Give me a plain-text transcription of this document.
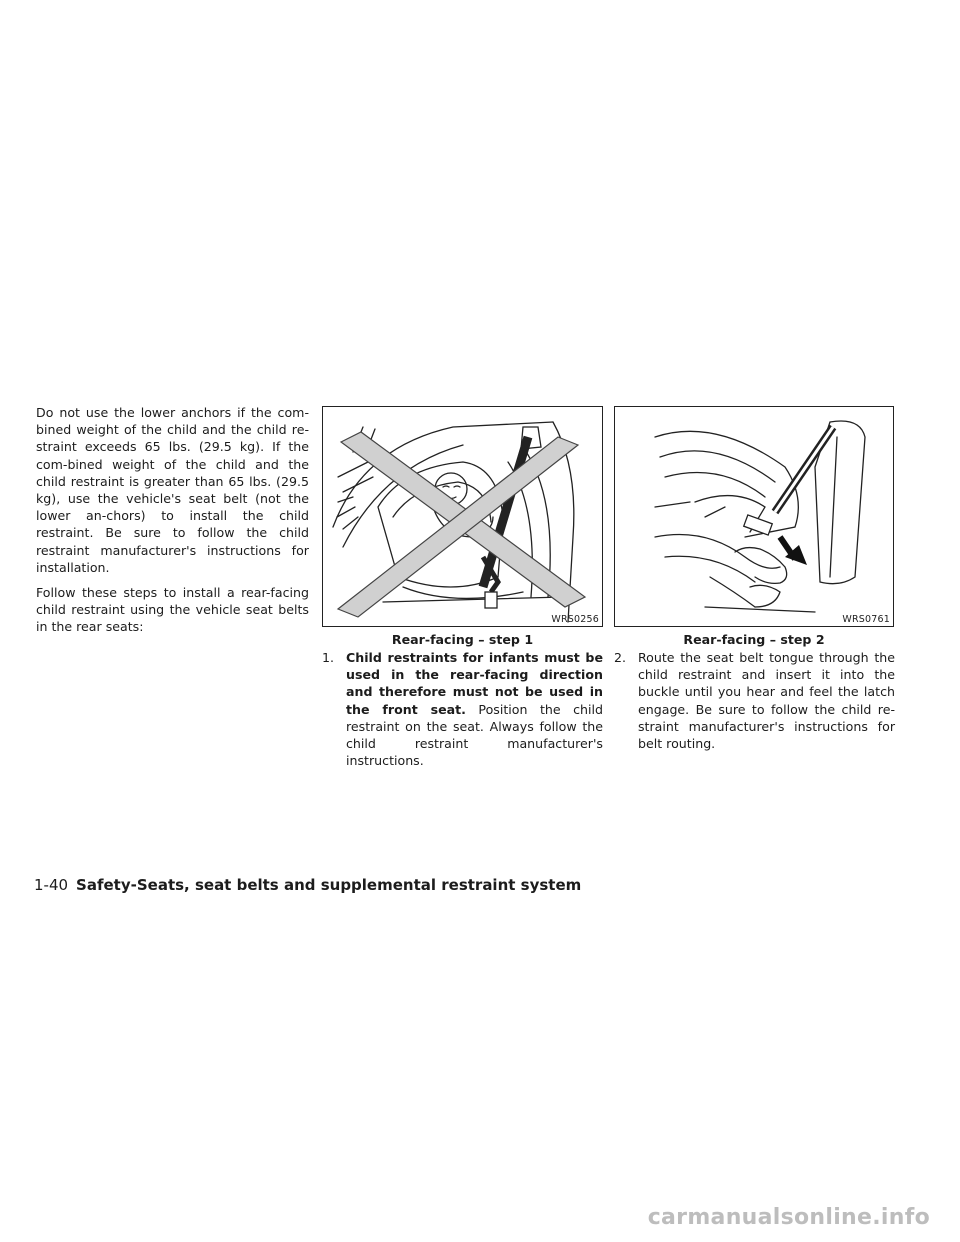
Do not use the lower anchors if the com-bined weight of the child and the child re-straint exceeds 65 lbs. (29.5 kg). If the com-bined weight of the child and the child restraint is greater than 65 lbs. (29.5 kg), use the vehicle's seat belt (not the lower an-chors) to install the child restraint. Be sure to follow the child restraint manufacturer's instructions for installation.

Follow these steps to install a rear-facing child restraint using the vehicle seat belts in the rear seats:	WRS0256	WRS0761
Rear-facing – step 1	Rear-facing – step 2
1. Child restraints for infants must be used in the rear-facing direction and therefore must not be used in the front seat. Position the child restraint on the seat. Always follow the child restraint manufacturer's instructions.
2. Route the seat belt tongue through the child restraint and insert it into the buckle until you hear and feel the latch engage. Be sure to follow the child re-straint manufacturer's instructions for belt routing.
1-40 Safety-Seats, seat belts and supplemental restraint system
carmanualsonline.info
